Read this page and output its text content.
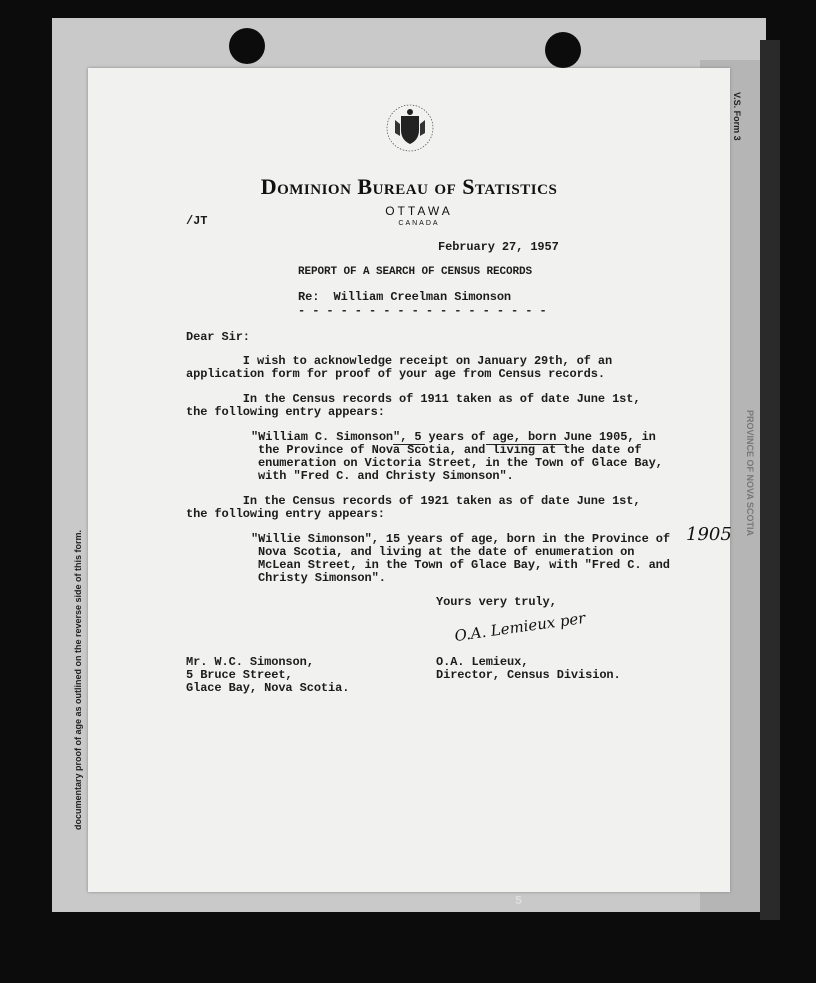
Dominion Bureau of Statistics
OTTAWA
CANADA
/JT
February 27, 1957
REPORT OF A SEARCH OF CENSUS RECORDS
Re:  William Creelman Simonson
- - - - - - - - - - - - - - - - - -
Dear Sir:
I wish to acknowledge receipt on January 29th, of an
application form for proof of your age from Census records.
In the Census records of 1911 taken as of date June 1st,
the following entry appears:
"William C. Simonson", 5 years of age, born June 1905, in
the Province of Nova Scotia, and living at the date of
enumeration on Victoria Street, in the Town of Glace Bay,
with "Fred C. and Christy Simonson".
In the Census records of 1921 taken as of date June 1st,
the following entry appears:
"Willie Simonson", 15 years of age, born in the Province of
Nova Scotia, and living at the date of enumeration on
McLean Street, in the Town of Glace Bay, with "Fred C. and
Christy Simonson".
1905
Yours very truly,
O.A. Lemieux per
Mr. W.C. Simonson,
5 Bruce Street,
Glace Bay, Nova Scotia.
O.A. Lemieux,
Director, Census Division.
V.S. Form 3
PROVINCE OF NOVA SCOTIA
documentary proof of age as outlined on the reverse side of this form.
5
